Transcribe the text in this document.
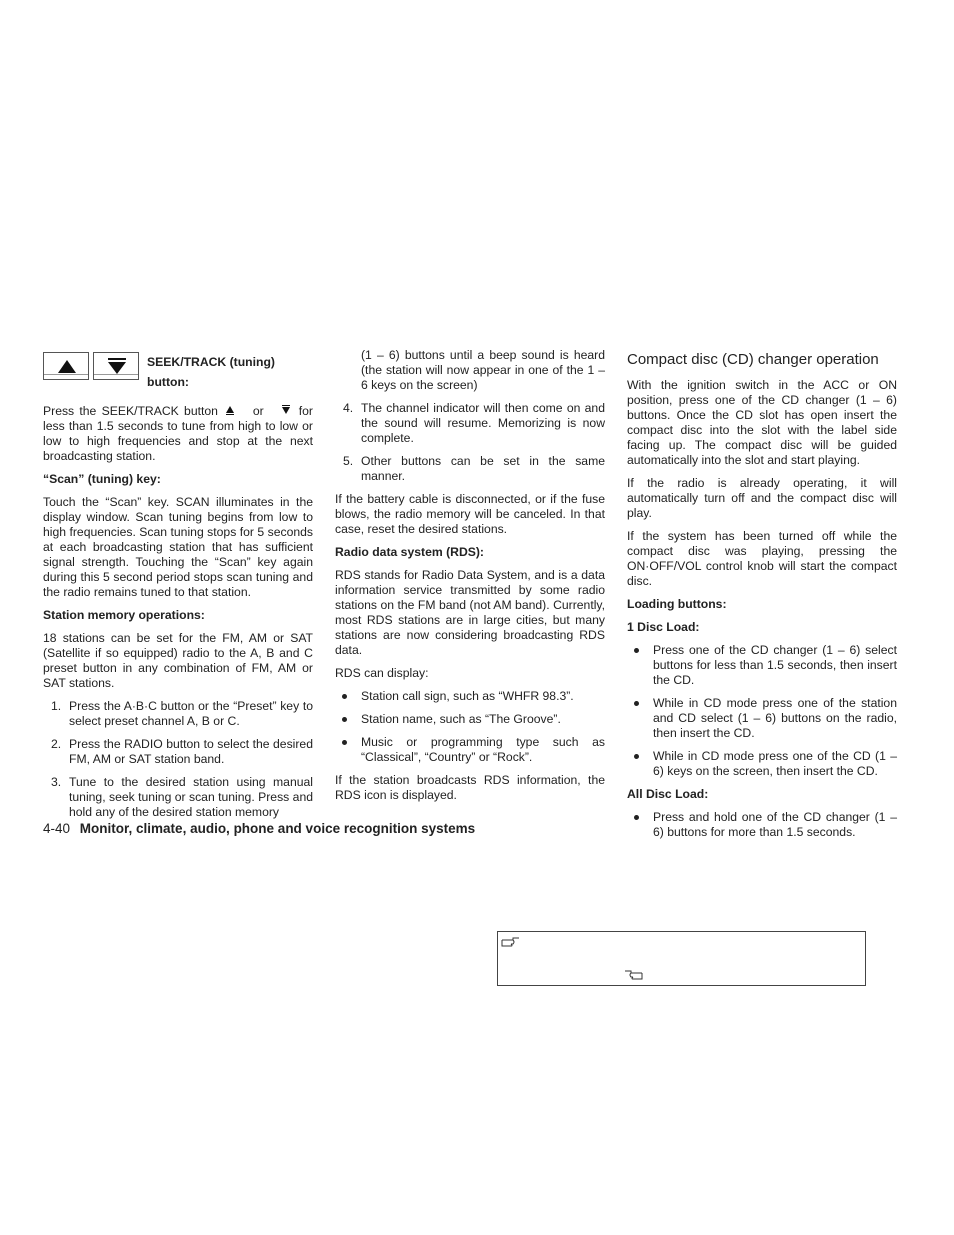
SEEK/TRACK (tuning)
button:

Press the SEEK/TRACK button	or	for less than 1.5 seconds to tune from high to low or low to high frequencies and stop at the next broadcasting station.

“Scan” (tuning) key:

Touch the “Scan” key. SCAN illuminates in the display window. Scan tuning begins from low to high frequencies. Scan tuning stops for 5 seconds at each broadcasting station that has sufficient signal strength. Touching the “Scan” key again during this 5 second period stops scan tuning and the radio remains tuned to that station.

Station memory operations:

18 stations can be set for the FM, AM or SAT (Satellite if so equipped) radio to the A, B and C preset button in any combination of FM, AM or SAT stations.

1. Press the A·B·C button or the “Preset” key to select preset channel A, B or C.
2. Press the RADIO button to select the desired FM, AM or SAT station band.
3. Tune to the desired station using manual tuning, seek tuning or scan tuning. Press and hold any of the desired station memory
(1 – 6) buttons until a beep sound is heard (the station will now appear in one of the 1 – 6 keys on the screen)
4. The channel indicator will then come on and the sound will resume. Memorizing is now complete.
5. Other buttons can be set in the same manner.

If the battery cable is disconnected, or if the fuse blows, the radio memory will be canceled. In that case, reset the desired stations.

Radio data system (RDS):

RDS stands for Radio Data System, and is a data information service transmitted by some radio stations on the FM band (not AM band). Currently, most RDS stations are in large cities, but many stations are now considering broadcasting RDS data.

RDS can display:

Station call sign, such as “WHFR 98.3”.
Station name, such as “The Groove”.
Music or programming type such as “Classical”, “Country” or “Rock”.

If the station broadcasts RDS information, the RDS icon is displayed.

Compact disc (CD) changer operation

With the ignition switch in the ACC or ON position, press one of the CD changer (1 – 6) buttons. Once the CD slot has open insert the compact disc into the slot with the label side facing up. The compact disc will be guided automatically into the slot and start playing.

If the radio is already operating, it will automatically turn off and the compact disc will play.

If the system has been turned off while the compact disc was playing, pressing the ON·OFF/VOL control knob will start the compact disc.

Loading buttons:
1 Disc Load:
Press one of the CD changer (1 – 6) select buttons for less than 1.5 seconds, then insert the CD.
While in CD mode press one of the station and CD select (1 – 6) buttons on the radio, then insert the CD.
While in CD mode press one of the CD (1 – 6) keys on the screen, then insert the CD.
All Disc Load:
Press and hold one of the CD changer (1 – 6) buttons for more than 1.5 seconds.
4-40 Monitor, climate, audio, phone and voice recognition systems
